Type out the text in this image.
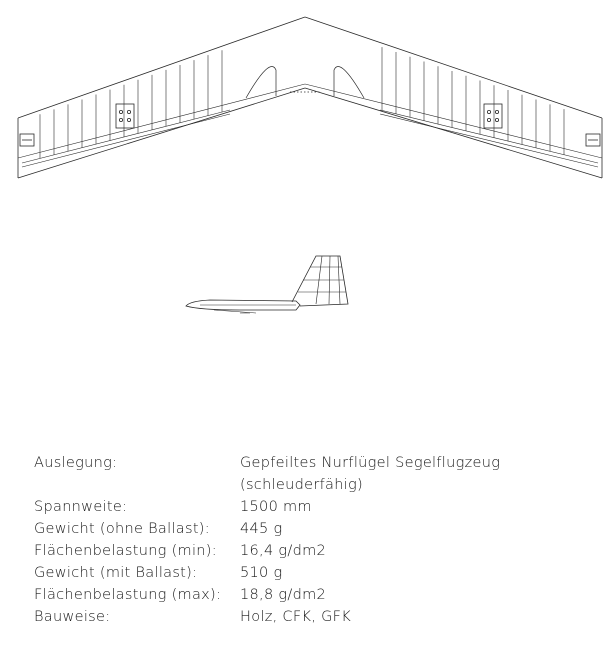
Auslegung:	Gepfeiltes Nurflügel Segelflugzeug
(schleuderfähig)

Spannweite:	1500 mm

Gewicht (ohne Ballast):	445 g

Flächenbelastung (min):	16,4 g/dm2

Gewicht (mit Ballast):	510 g

Flächenbelastung (max):	18,8 g/dm2

Bauweise:	Holz, CFK, GFK
